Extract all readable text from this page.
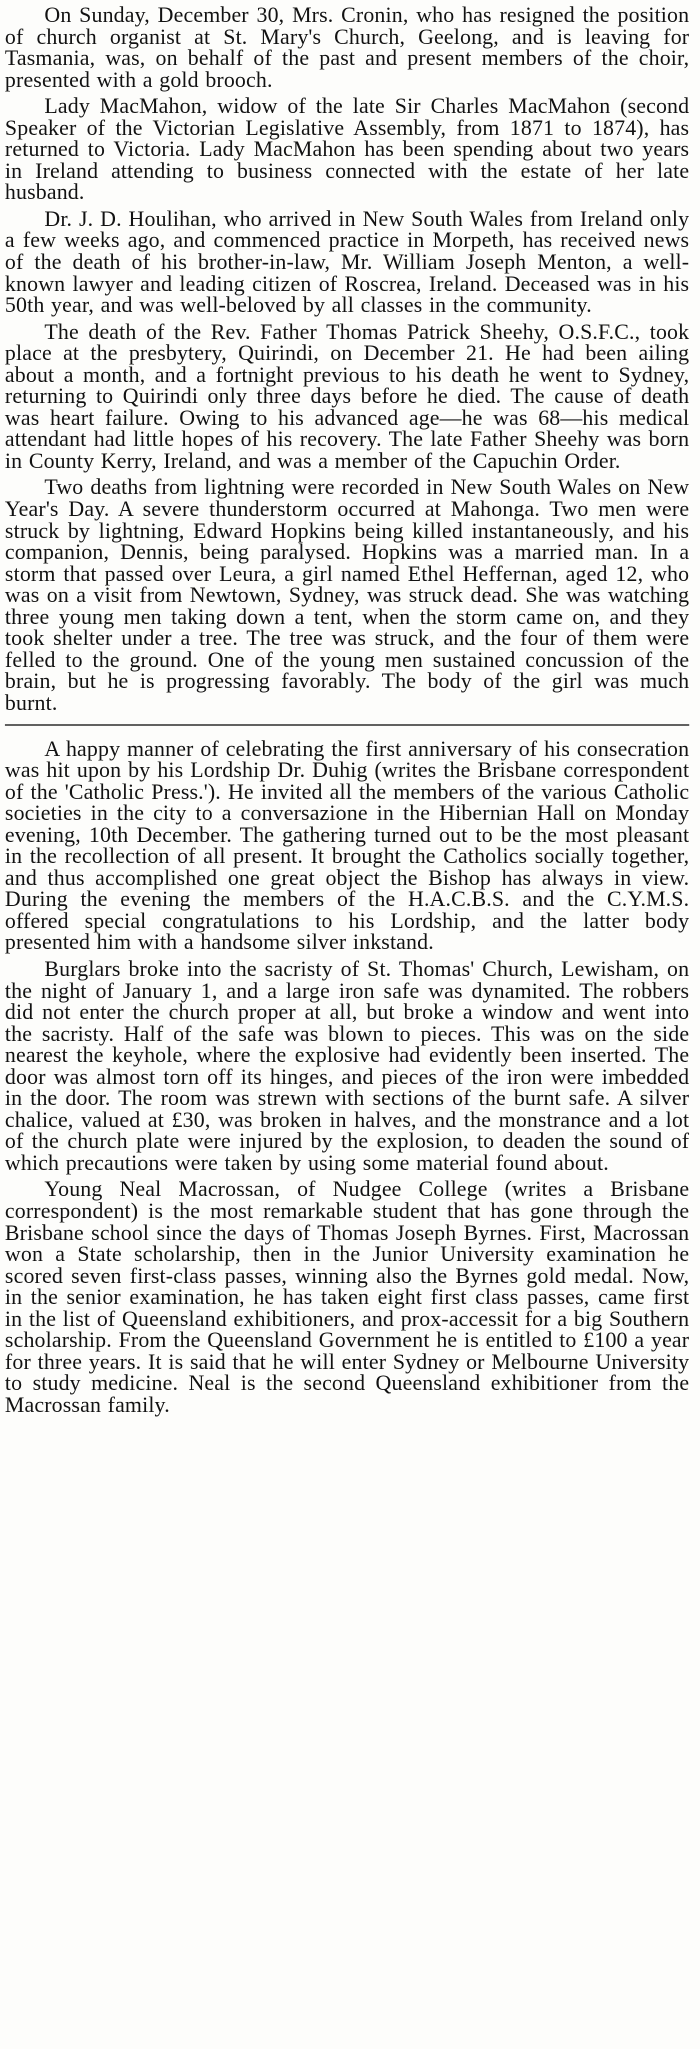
On Sunday, December 30, Mrs. Cronin, who has resigned the position of church organist at St. Mary's Church, Geelong, and is leaving for Tasmania, was, on behalf of the past and present members of the choir, presented with a gold brooch.

Lady MacMahon, widow of the late Sir Charles MacMahon (second Speaker of the Victorian Legislative Assembly, from 1871 to 1874), has returned to Victoria. Lady MacMahon has been spending about two years in Ireland attending to business connected with the estate of her late husband.

Dr. J. D. Houlihan, who arrived in New South Wales from Ireland only a few weeks ago, and commenced practice in Morpeth, has received news of the death of his brother-in-law, Mr. William Joseph Menton, a well-known lawyer and leading citizen of Roscrea, Ireland. Deceased was in his 50th year, and was well-beloved by all classes in the community.

The death of the Rev. Father Thomas Patrick Sheehy, O.S.F.C., took place at the presbytery, Quirindi, on December 21. He had been ailing about a month, and a fortnight previous to his death he went to Sydney, returning to Quirindi only three days before he died. The cause of death was heart failure. Owing to his advanced age—he was 68—his medical attendant had little hopes of his recovery. The late Father Sheehy was born in County Kerry, Ireland, and was a member of the Capuchin Order.

Two deaths from lightning were recorded in New South Wales on New Year's Day. A severe thunderstorm occurred at Mahonga. Two men were struck by lightning, Edward Hopkins being killed instantaneously, and his companion, Dennis, being paralysed. Hopkins was a married man. In a storm that passed over Leura, a girl named Ethel Heffernan, aged 12, who was on a visit from Newtown, Sydney, was struck dead. She was watching three young men taking down a tent, when the storm came on, and they took shelter under a tree. The tree was struck, and the four of them were felled to the ground. One of the young men sustained concussion of the brain, but he is progressing favorably. The body of the girl was much burnt.

A happy manner of celebrating the first anniversary of his consecration was hit upon by his Lordship Dr. Duhig (writes the Brisbane correspondent of the 'Catholic Press.'). He invited all the members of the various Catholic societies in the city to a conversazione in the Hibernian Hall on Monday evening, 10th December. The gathering turned out to be the most pleasant in the recollection of all present. It brought the Catholics socially together, and thus accomplished one great object the Bishop has always in view. During the evening the members of the H.A.C.B.S. and the C.Y.M.S. offered special congratulations to his Lordship, and the latter body presented him with a handsome silver inkstand.

Burglars broke into the sacristy of St. Thomas' Church, Lewisham, on the night of January 1, and a large iron safe was dynamited. The robbers did not enter the church proper at all, but broke a window and went into the sacristy. Half of the safe was blown to pieces. This was on the side nearest the keyhole, where the explosive had evidently been inserted. The door was almost torn off its hinges, and pieces of the iron were imbedded in the door. The room was strewn with sections of the burnt safe. A silver chalice, valued at £30, was broken in halves, and the monstrance and a lot of the church plate were injured by the explosion, to deaden the sound of which precautions were taken by using some material found about.

Young Neal Macrossan, of Nudgee College (writes a Brisbane correspondent) is the most remarkable student that has gone through the Brisbane school since the days of Thomas Joseph Byrnes. First, Macrossan won a State scholarship, then in the Junior University examination he scored seven first-class passes, winning also the Byrnes gold medal. Now, in the senior examination, he has taken eight first class passes, came first in the list of Queensland exhibitioners, and prox-accessit for a big Southern scholarship. From the Queensland Government he is entitled to £100 a year for three years. It is said that he will enter Sydney or Melbourne University to study medicine. Neal is the second Queensland exhibitioner from the Macrossan family.
